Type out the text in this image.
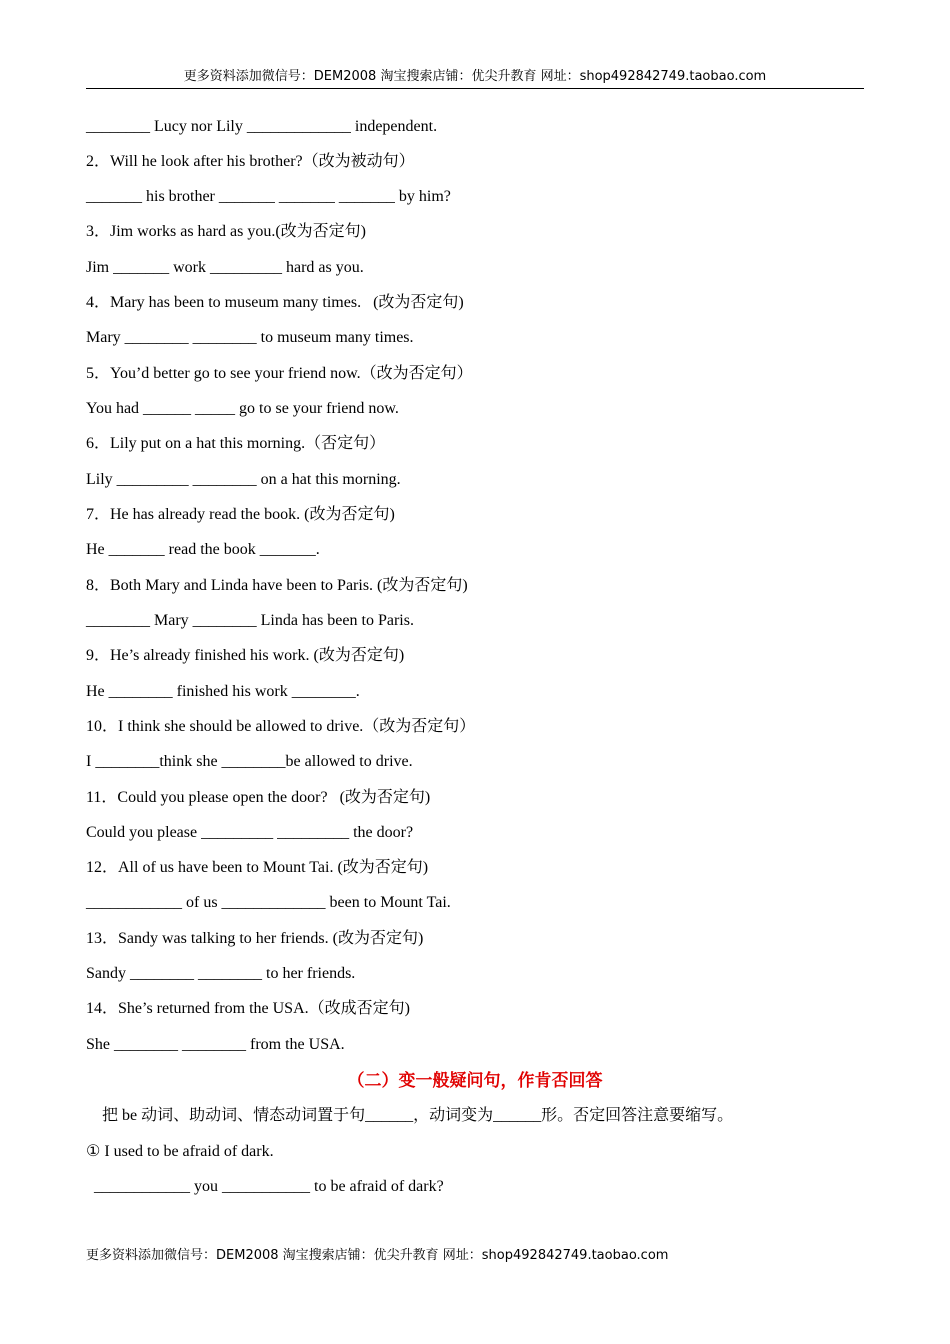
更多资料添加微信号：DEM2008 淘宝搜索店铺：优尖升教育 网址：shop492842749.taobao.com
________ Lucy nor Lily _____________ independent.
2．Will he look after his brother?（改为被动句）
_______ his brother _______ _______ _______ by him?
3．Jim works as hard as you.(改为否定句)
Jim _______ work _________ hard as you.
4．Mary has been to museum many times.   (改为否定句)
Mary ________ ________ to museum many times.
5．You’d better go to see your friend now.（改为否定句）
You had ______ _____ go to se your friend now.
6．Lily put on a hat this morning.（否定句）
Lily _________ ________ on a hat this morning.
7．He has already read the book. (改为否定句)
He _______ read the book _______.
8．Both Mary and Linda have been to Paris. (改为否定句)
________ Mary ________ Linda has been to Paris.
9．He’s already finished his work. (改为否定句)
He ________ finished his work ________.
10．I think she should be allowed to drive.（改为否定句）
I ________think she ________be allowed to drive.
11．Could you please open the door?   (改为否定句)
Could you please _________ _________ the door?
12．All of us have been to Mount Tai. (改为否定句)
____________ of us _____________ been to Mount Tai.
13．Sandy was talking to her friends. (改为否定句)
Sandy ________ ________ to her friends.
14．She’s returned from the USA.（改成否定句)
She ________ ________ from the USA.
（二）变一般疑问句，作肯否回答
把 be 动词、助动词、情态动词置于句______，动词变为______形。否定回答注意要缩写。
① I used to be afraid of dark.
____________ you ___________ to be afraid of dark?
更多资料添加微信号：DEM2008 淘宝搜索店铺：优尖升教育 网址：shop492842749.taobao.com
